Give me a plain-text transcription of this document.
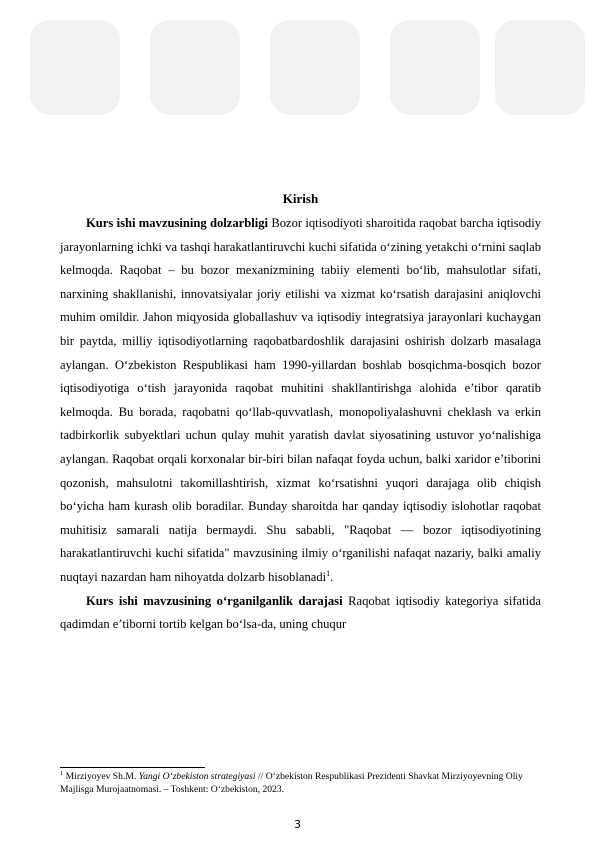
Kirish

Kurs ishi mavzusining dolzarbligi Bozor iqtisodiyoti sharoitida raqobat barcha iqtisodiy jarayonlarning ichki va tashqi harakatlantiruvchi kuchi sifatida o‘zining yetakchi o‘rnini saqlab kelmoqda. Raqobat – bu bozor mexanizmining tabiiy elementi bo‘lib, mahsulotlar sifati, narxining shakllanishi, innovatsiyalar joriy etilishi va xizmat ko‘rsatish darajasini aniqlovchi muhim omildir. Jahon miqyosida globallashuv va iqtisodiy integratsiya jarayonlari kuchaygan bir paytda, milliy iqtisodiyotlarning raqobatbardoshlik darajasini oshirish dolzarb masalaga aylangan. O‘zbekiston Respublikasi ham 1990-yillardan boshlab bosqichma-bosqich bozor iqtisodiyotiga o‘tish jarayonida raqobat muhitini shakllantirishga alohida e’tibor qaratib kelmoqda. Bu borada, raqobatni qo‘llab-quvvatlash, monopoliyalashuvni cheklash va erkin tadbirkorlik subyektlari uchun qulay muhit yaratish davlat siyosatining ustuvor yo‘nalishiga aylangan. Raqobat orqali korxonalar bir-biri bilan nafaqat foyda uchun, balki xaridor e’tiborini qozonish, mahsulotni takomillashtirish, xizmat ko‘rsatishni yuqori darajaga olib chiqish bo‘yicha ham kurash olib boradilar. Bunday sharoitda har qanday iqtisodiy islohotlar raqobat muhitisiz samarali natija bermaydi. Shu sababli, "Raqobat — bozor iqtisodiyotining harakatlantiruvchi kuchi sifatida" mavzusining ilmiy o‘rganilishi nafaqat nazariy, balki amaliy nuqtayi nazardan ham nihoyatda dolzarb hisoblanadi$^1$.

Kurs ishi mavzusining o‘rganilganlik darajasi Raqobat iqtisodiy kategoriya sifatida qadimdan e’tiborni tortib kelgan bo‘lsa-da, uning chuqur

$^1$ Mirziyoyev Sh.M. Yangi O‘zbekiston strategiyasi // O‘zbekiston Respublikasi Prezidenti Shavkat Mirziyoyevning Oliy Majlisga Murojaatnomasi. – Toshkent: O‘zbekiston, 2023.
3
